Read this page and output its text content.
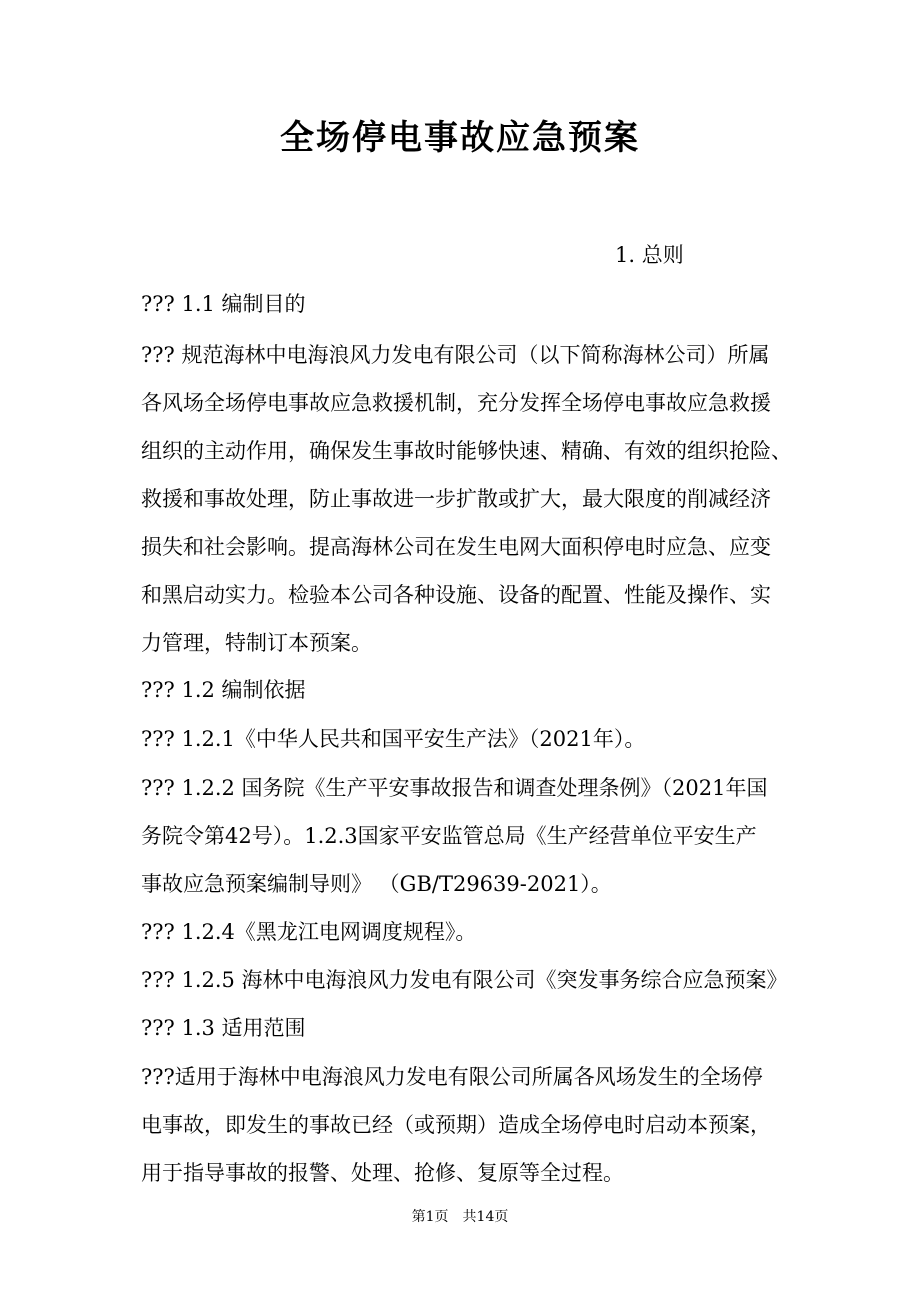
全场停电事故应急预案
1. 总则

??? 1.1 编制目的

??? 规范海林中电海浪风力发电有限公司（以下简称海林公司）所属

各风场全场停电事故应急救援机制，充分发挥全场停电事故应急救援

组织的主动作用，确保发生事故时能够快速、精确、有效的组织抢险、

救援和事故处理，防止事故进一步扩散或扩大，最大限度的削减经济

损失和社会影响。提高海林公司在发生电网大面积停电时应急、应变

和黑启动实力。检验本公司各种设施、设备的配置、性能及操作、实

力管理，特制订本预案。

??? 1.2 编制依据

??? 1.2.1《中华人民共和国平安生产法》（2021年）。

??? 1.2.2 国务院《生产平安事故报告和调查处理条例》（2021年国

务院令第42号）。1.2.3国家平安监管总局《生产经营单位平安生产

事故应急预案编制导则》 （GB/T29639-2021）。

??? 1.2.4《黑龙江电网调度规程》。

??? 1.2.5 海林中电海浪风力发电有限公司《突发事务综合应急预案》

??? 1.3 适用范围

???适用于海林中电海浪风力发电有限公司所属各风场发生的全场停

电事故，即发生的事故已经（或预期）造成全场停电时启动本预案，

用于指导事故的报警、处理、抢修、复原等全过程。

第1页　共14页
